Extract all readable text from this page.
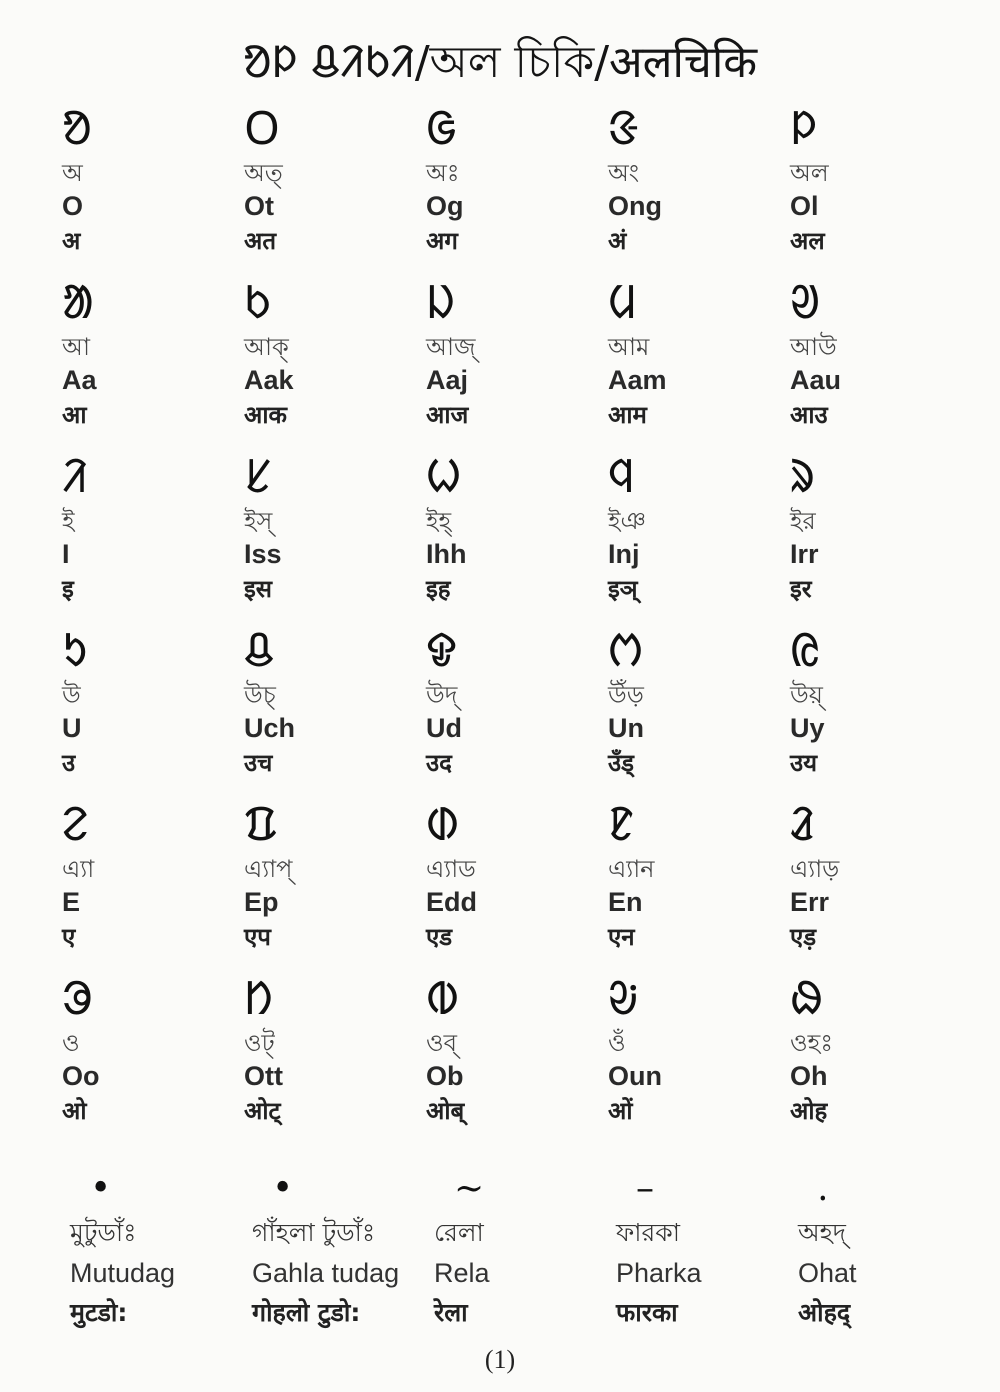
ᱚᱞ ᱪᱤᱠᱤ/অল চিকি/अलचिकि
ᱚ
অ
O
अ
ᱛ
অত্
Ot
अत
ᱜ
অঃ
Og
अग
ᱝ
অং
Ong
अं
ᱞ
অল
Ol
अल
ᱟ
আ
Aa
आ
ᱠ
আক্
Aak
आक
ᱡ
আজ্
Aaj
आज
ᱢ
আম
Aam
आम
ᱣ
আউ
Aau
आउ
ᱤ
ই
I
इ
ᱥ
ইস্
Iss
इस
ᱦ
ইহ্
Ihh
इह
ᱧ
ইঞ
Inj
इञ्
ᱨ
ইর
Irr
इर
ᱩ
উ
U
उ
ᱪ
উচ্
Uch
उच
ᱫ
উদ্
Ud
उद
ᱬ
উঁড়
Un
उँड्
ᱭ
উয়্
Uy
उय
ᱮ
এ্যা
E
ए
ᱯ
এ্যাপ্
Ep
एप
ᱰ
এ্যাড
Edd
एड
ᱱ
এ্যান
En
एन
ᱲ
এ্যাড়
Err
एड़
ᱳ
ও
Oo
ओ
ᱴ
ওট্
Ott
ओट्
ᱵ
ওব্
Ob
ओब्
ᱶ
ওঁ
Oun
ओं
ᱷ
ওহঃ
Oh
ओह
•
মুটুডাঁঃ
Mutudag
मुटडो:
•
গাঁহলা টুডাঁঃ
Gahla tudag
गोहलो टुडो:
~
রেলা
Rela
रेला
–
ফারকা
Pharka
फारका
ᱹ
অহদ্
Ohat
ओहद्
(1)
